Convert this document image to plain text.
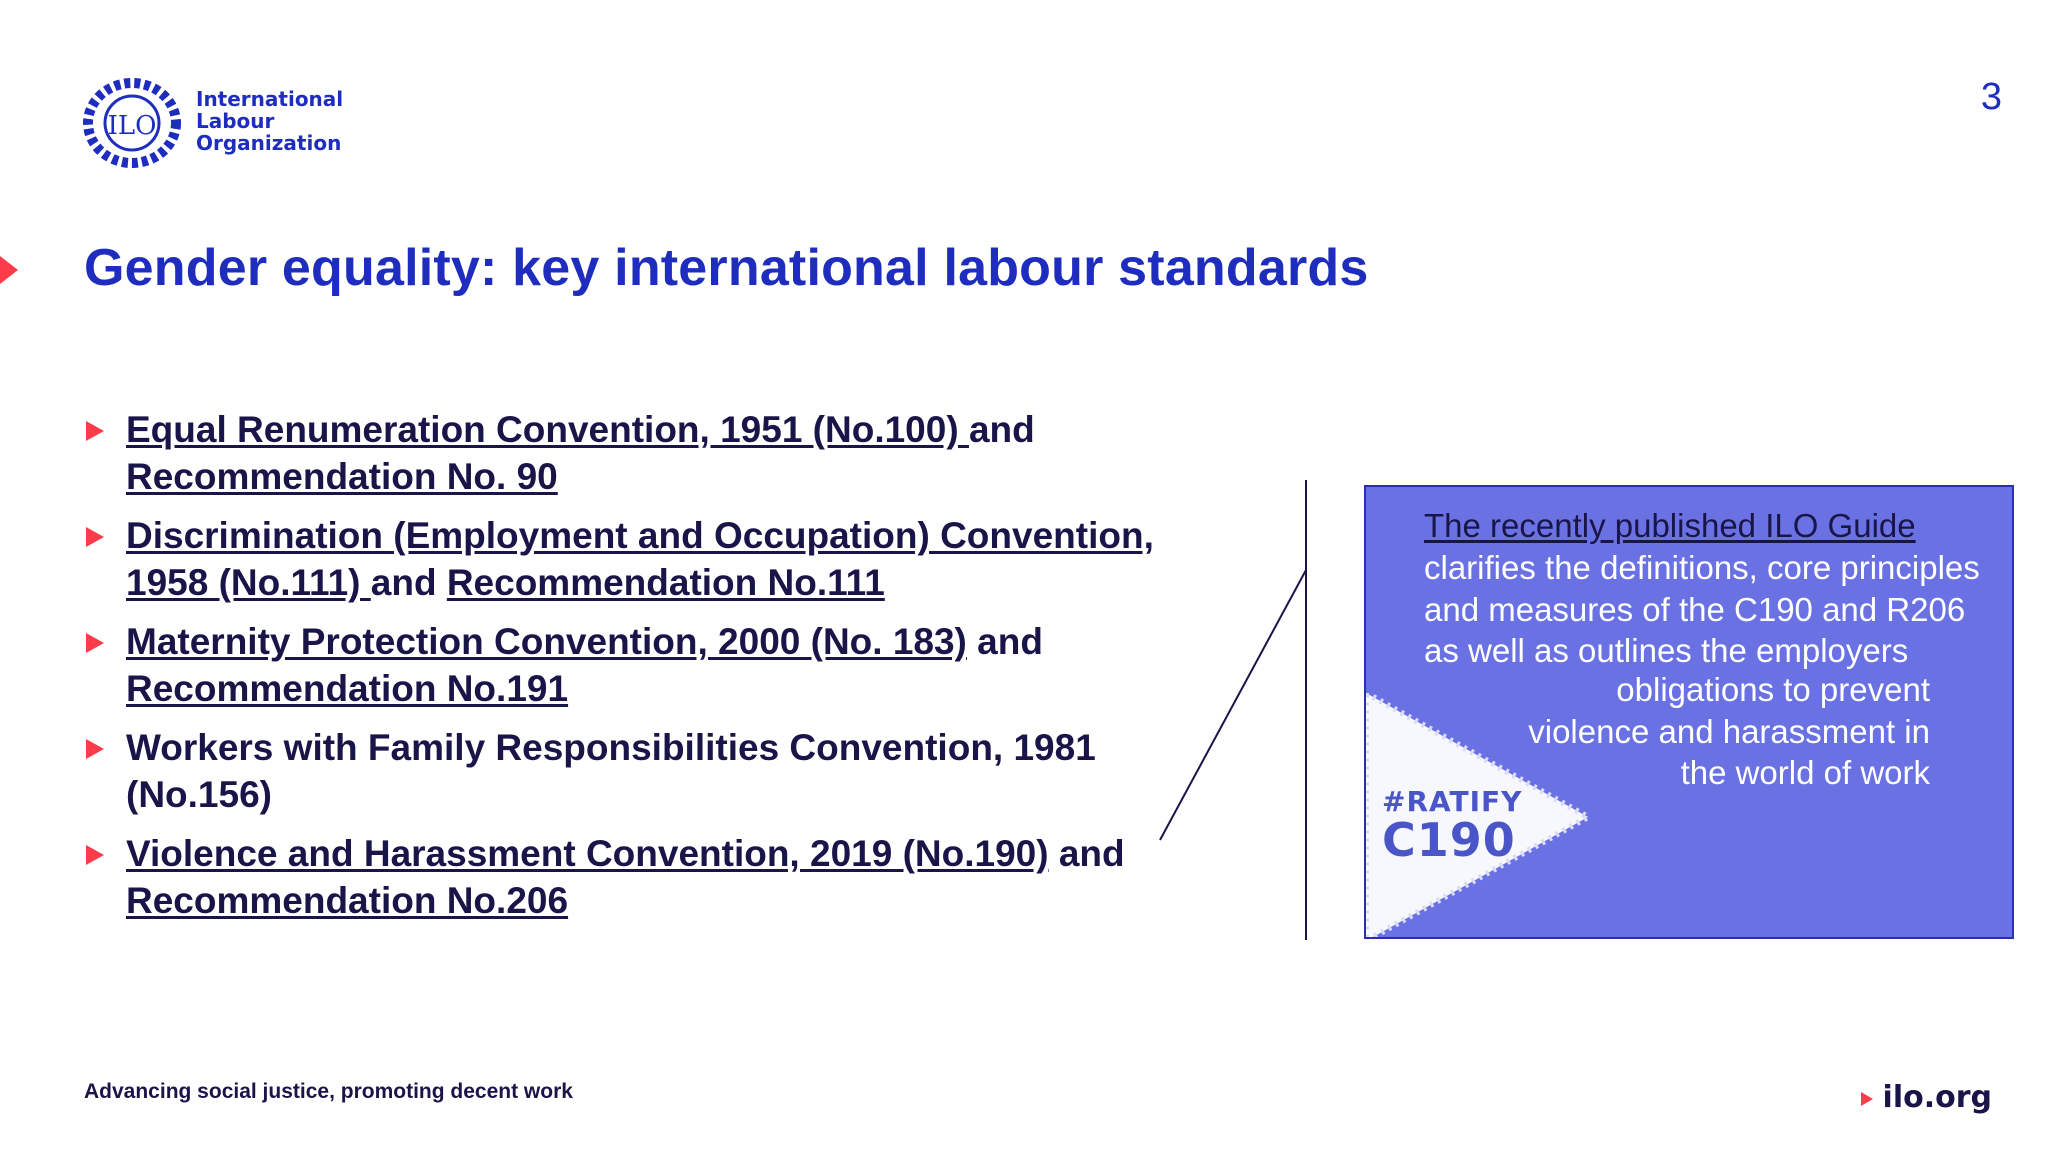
ILO
International
Labour
Organization
3
Gender equality: key international labour standards
Equal Renumeration Convention, 1951 (No.100) and
Recommendation No. 90
Discrimination (Employment and Occupation) Convention, 1958 (No.111) and Recommendation No.111
Maternity Protection Convention, 2000 (No. 183) and
Recommendation No.191
Workers with Family Responsibilities Convention, 1981 (No.156)
Violence and Harassment Convention, 2019 (No.190) and
Recommendation No.206
#RATIFY
C190
The recently published ILO Guide
clarifies the definitions, core principles and measures of the C190 and R206 as well as outlines the employers
obligations to prevent violence and harassment in the world of work
Advancing social justice, promoting decent work	ilo.org
